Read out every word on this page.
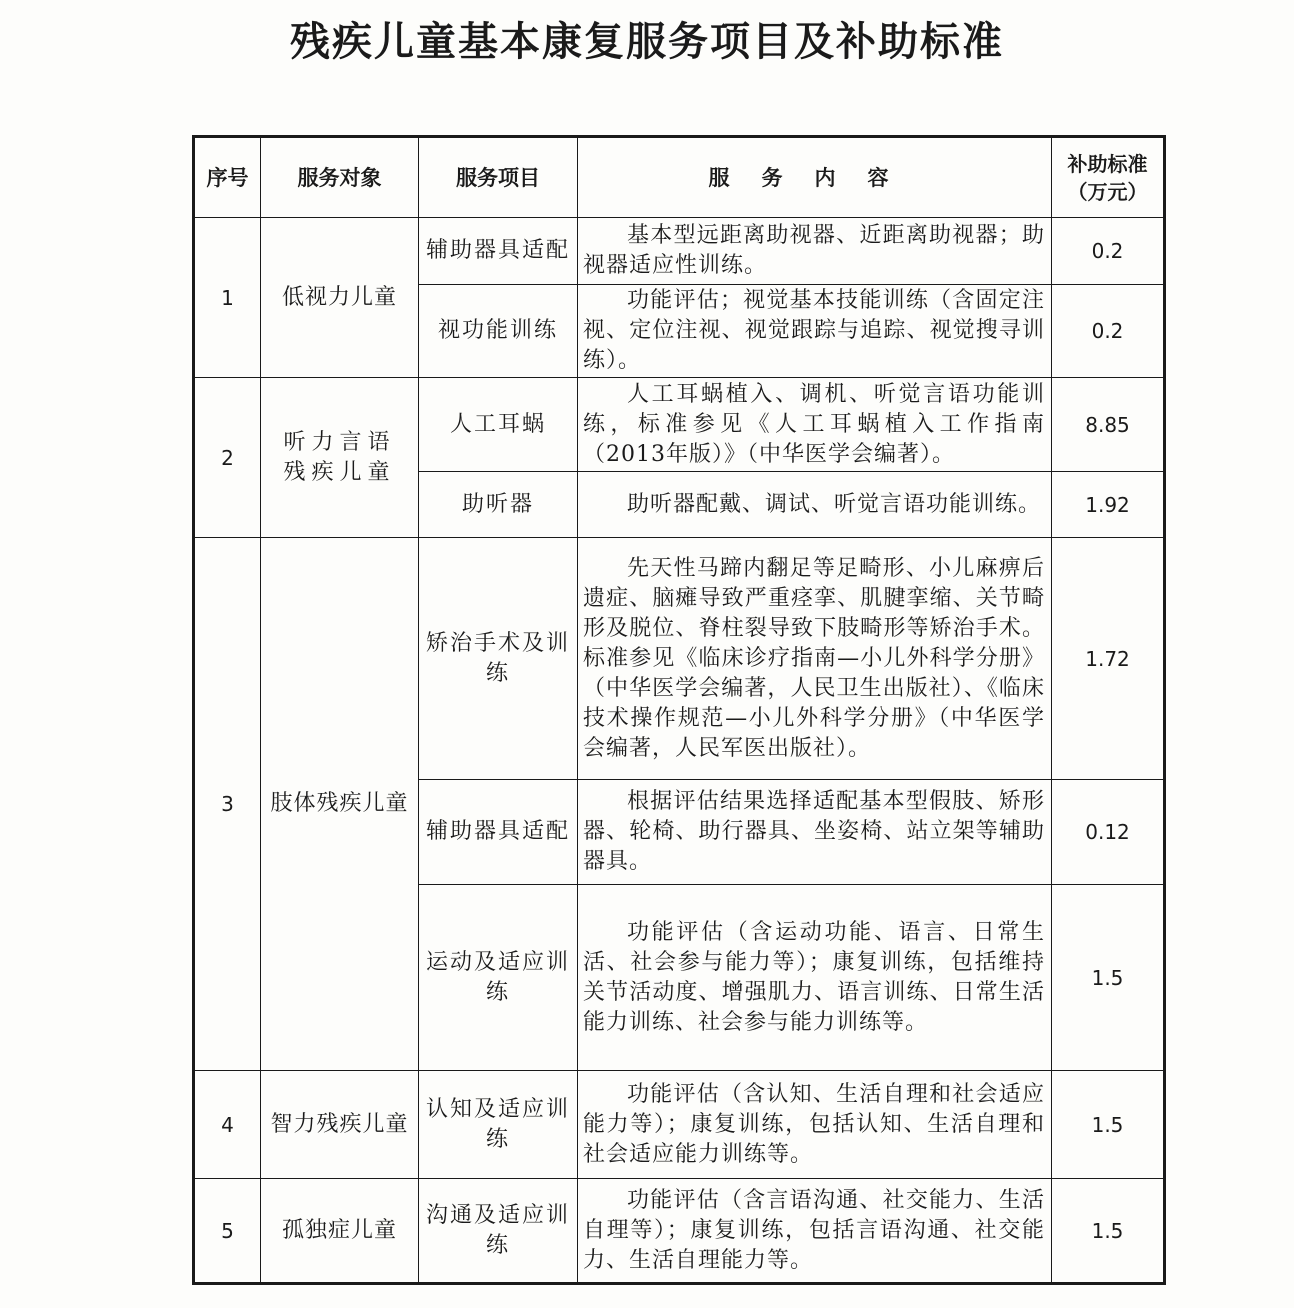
残疾儿童基本康复服务项目及补助标准
序号	服务对象	服务项目	服务内容	补助标准
（万元）

1	低视力儿童	辅助器具适配	基本型远距离助视器、近距离助视器；助视器适应性训练。	0.2
		视功能训练	功能评估；视觉基本技能训练（含固定注视、定位注视、视觉跟踪与追踪、视觉搜寻训练）。	0.2
2	听力言语残疾儿童	人工耳蜗	人工耳蜗植入、调机、听觉言语功能训练，标准参见《人工耳蜗植入工作指南（2013年版）》（中华医学会编著）。	8.85
		助听器	助听器配戴、调试、听觉言语功能训练。	1.92
3	肢体残疾儿童	矫治手术及训练	先天性马蹄内翻足等足畸形、小儿麻痹后遗症、脑瘫导致严重痉挛、肌腱挛缩、关节畸形及脱位、脊柱裂导致下肢畸形等矫治手术。标准参见《临床诊疗指南—小儿外科学分册》（中华医学会编著，人民卫生出版社）、《临床技术操作规范—小儿外科学分册》（中华医学会编著，人民军医出版社）。	1.72
		辅助器具适配	根据评估结果选择适配基本型假肢、矫形器、轮椅、助行器具、坐姿椅、站立架等辅助器具。	0.12
		运动及适应训练	功能评估（含运动功能、语言、日常生活、社会参与能力等）；康复训练，包括维持关节活动度、增强肌力、语言训练、日常生活能力训练、社会参与能力训练等。	1.5
4	智力残疾儿童	认知及适应训练	功能评估（含认知、生活自理和社会适应能力等）；康复训练，包括认知、生活自理和社会适应能力训练等。	1.5
5	孤独症儿童	沟通及适应训练	功能评估（含言语沟通、社交能力、生活自理等）；康复训练，包括言语沟通、社交能力、生活自理能力等。	1.5
